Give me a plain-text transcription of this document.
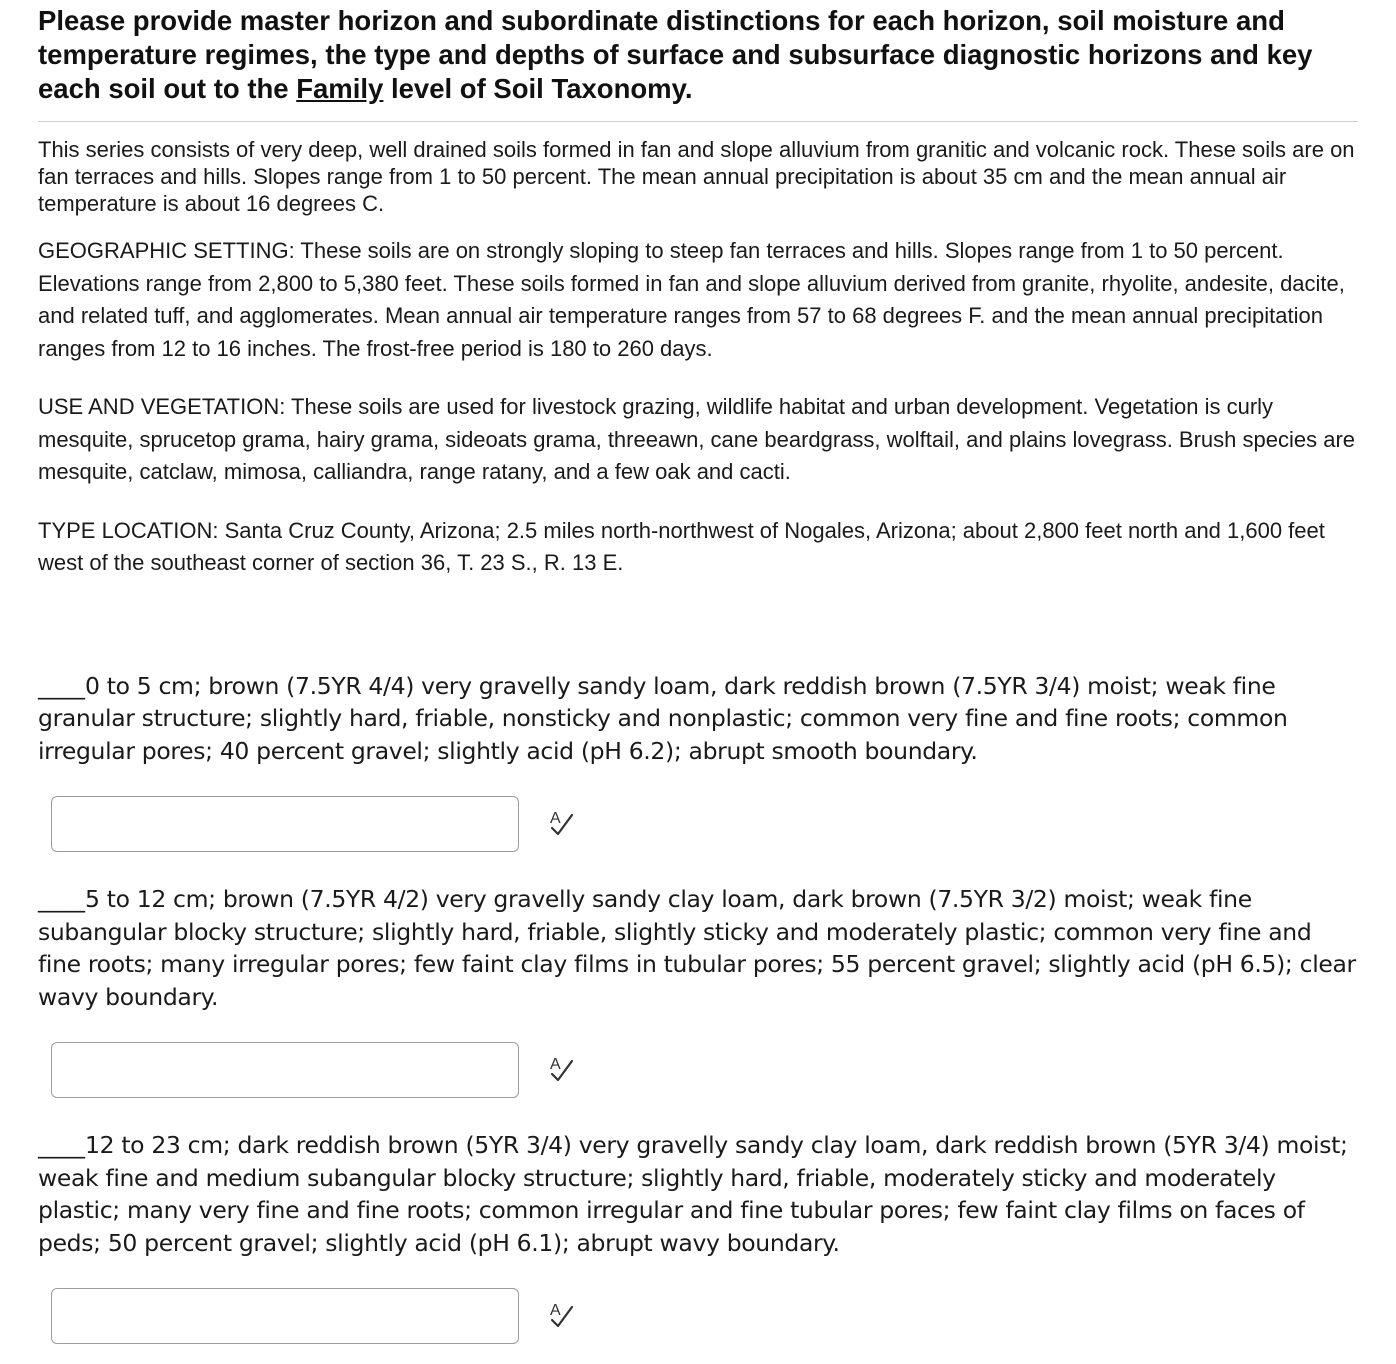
Please provide master horizon and subordinate distinctions for each horizon, soil moisture and temperature regimes, the type and depths of surface and subsurface diagnostic horizons and key each soil out to the Family level of Soil Taxonomy.

This series consists of very deep, well drained soils formed in fan and slope alluvium from granitic and volcanic rock. These soils are on fan terraces and hills. Slopes range from 1 to 50 percent. The mean annual precipitation is about 35 cm and the mean annual air temperature is about 16 degrees C.

GEOGRAPHIC SETTING: These soils are on strongly sloping to steep fan terraces and hills. Slopes range from 1 to 50 percent. Elevations range from 2,800 to 5,380 feet. These soils formed in fan and slope alluvium derived from granite, rhyolite, andesite, dacite, and related tuff, and agglomerates. Mean annual air temperature ranges from 57 to 68 degrees F. and the mean annual precipitation ranges from 12 to 16 inches. The frost-free period is 180 to 260 days.

USE AND VEGETATION: These soils are used for livestock grazing, wildlife habitat and urban development. Vegetation is curly mesquite, sprucetop grama, hairy grama, sideoats grama, threeawn, cane beardgrass, wolftail, and plains lovegrass. Brush species are mesquite, catclaw, mimosa, calliandra, range ratany, and a few oak and cacti.

TYPE LOCATION: Santa Cruz County, Arizona; 2.5 miles north-northwest of Nogales, Arizona; about 2,800 feet north and 1,600 feet west of the southeast corner of section 36, T. 23 S., R. 13 E.

____0 to 5 cm; brown (7.5YR 4/4) very gravelly sandy loam, dark reddish brown (7.5YR 3/4) moist; weak fine granular structure; slightly hard, friable, nonsticky and nonplastic; common very fine and fine roots; common irregular pores; 40 percent gravel; slightly acid (pH 6.2); abrupt smooth boundary.

A

____5 to 12 cm; brown (7.5YR 4/2) very gravelly sandy clay loam, dark brown (7.5YR 3/2) moist; weak fine subangular blocky structure; slightly hard, friable, slightly sticky and moderately plastic; common very fine and fine roots; many irregular pores; few faint clay films in tubular pores; 55 percent gravel; slightly acid (pH 6.5); clear wavy boundary.

A

____12 to 23 cm; dark reddish brown (5YR 3/4) very gravelly sandy clay loam, dark reddish brown (5YR 3/4) moist; weak fine and medium subangular blocky structure; slightly hard, friable, moderately sticky and moderately plastic; many very fine and fine roots; common irregular and fine tubular pores; few faint clay films on faces of peds; 50 percent gravel; slightly acid (pH 6.1); abrupt wavy boundary.

A
